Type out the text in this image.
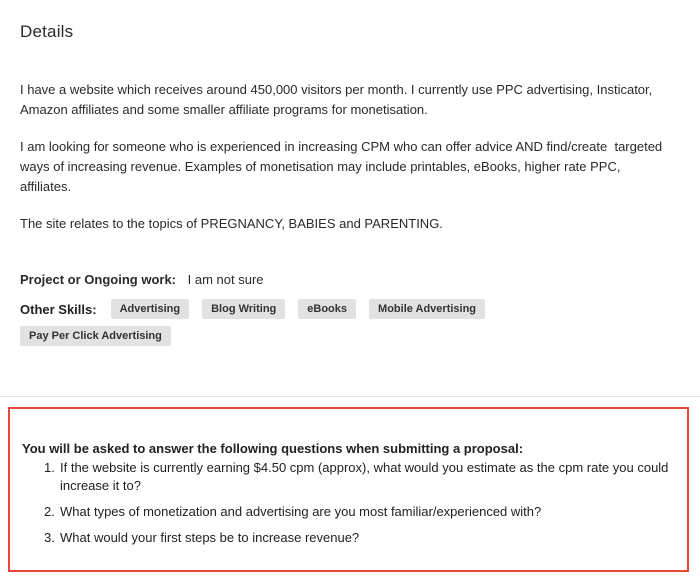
Details

I have a website which receives around 450,000 visitors per month. I currently use PPC advertising, Insticator, Amazon affiliates and some smaller affiliate programs for monetisation.

I am looking for someone who is experienced in increasing CPM who can offer advice AND find/create  targeted ways of increasing revenue. Examples of monetisation may include printables, eBooks, higher rate PPC, affiliates.

The site relates to the topics of PREGNANCY, BABIES and PARENTING.

Project or Ongoing work: I am not sure
Other Skills: Advertising	Blog Writing	eBooks	Mobile Advertising
Pay Per Click Advertising
You will be asked to answer the following questions when submitting a proposal:
1. If the website is currently earning $4.50 cpm (approx), what would you estimate as the cpm rate you could increase it to?
2. What types of monetization and advertising are you most familiar/experienced with?
3. What would your first steps be to increase revenue?
